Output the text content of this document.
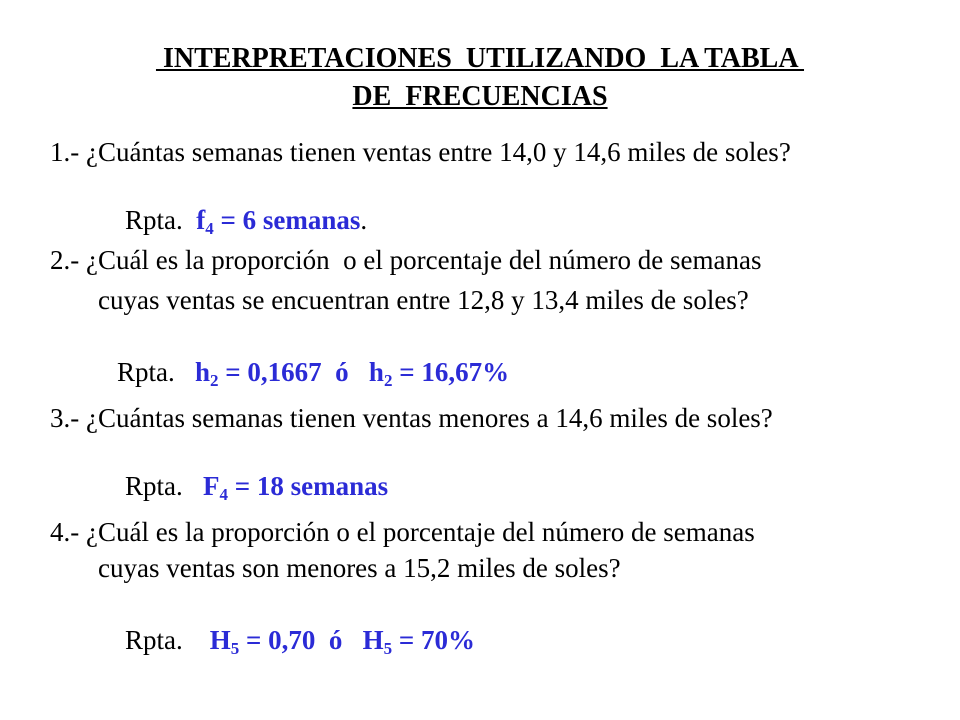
INTERPRETACIONES  UTILIZANDO  LA TABLA
DE  FRECUENCIAS
1.- ¿Cuántas semanas tienen ventas entre 14,0 y 14,6 miles de soles?

Rpta. $f_4 = 6$ semanas.

2.- ¿Cuál es la proporción  o el porcentaje del número de semanas
cuyas ventas se encuentran entre 12,8 y 13,4 miles de soles?

Rpta. $h_2 = 0,1667$  ó   $h_2 = 16,67\%$

3.- ¿Cuántas semanas tienen ventas menores a 14,6 miles de soles?

Rpta. $F_4 = 18$ semanas

4.- ¿Cuál es la proporción o el porcentaje del número de semanas
cuyas ventas son menores a 15,2 miles de soles?

Rpta. $H_5 = 0,70$  ó   $H_5 = 70\%$
